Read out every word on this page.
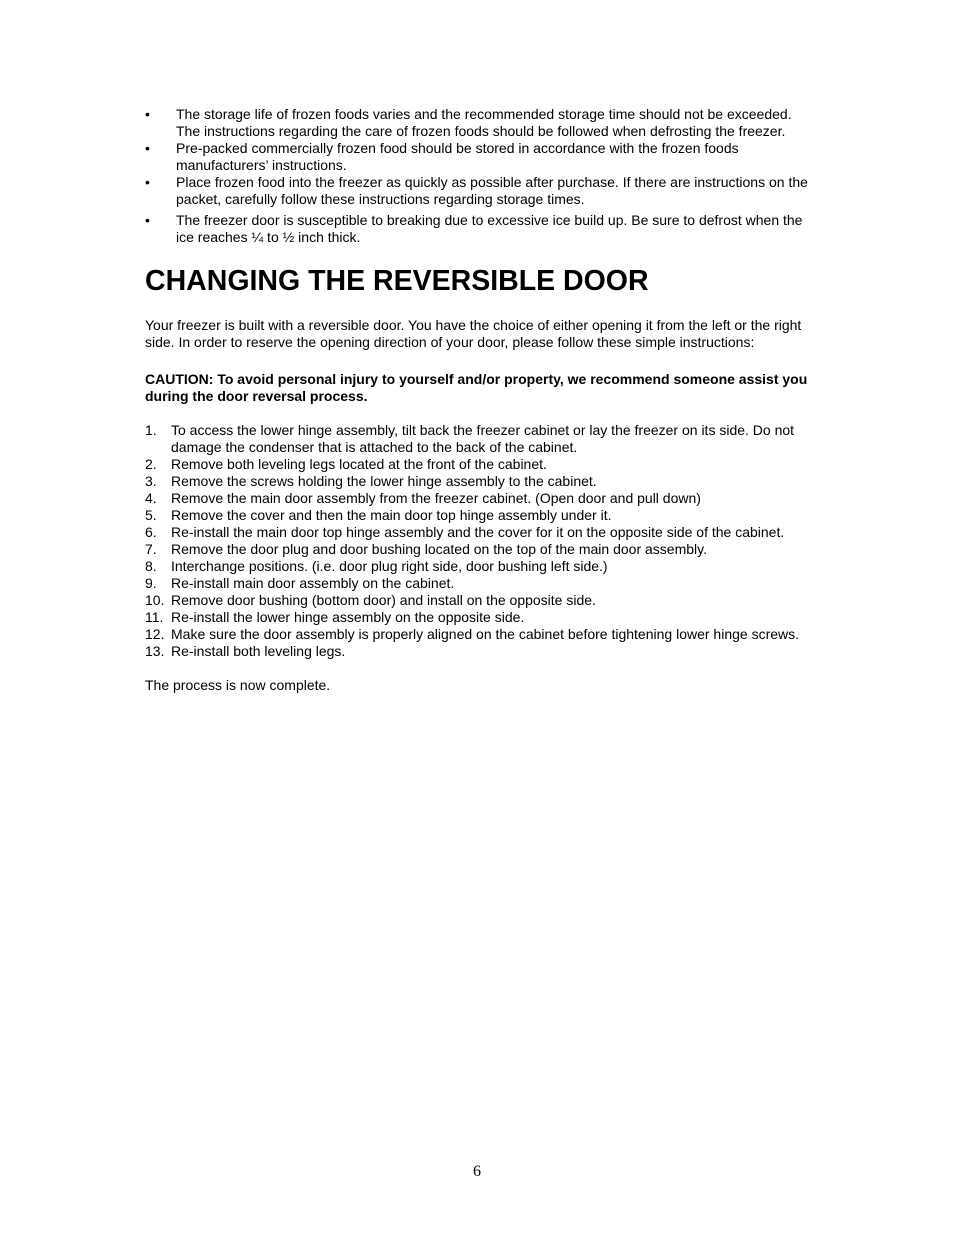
•	The storage life of frozen foods varies and the recommended storage time should not be exceeded. The instructions regarding the care of frozen foods should be followed when defrosting the freezer.
•	Pre-packed commercially frozen food should be stored in accordance with the frozen foods manufacturers’ instructions.
•	Place frozen food into the freezer as quickly as possible after purchase. If there are instructions on the packet, carefully follow these instructions regarding storage times.
•	The freezer door is susceptible to breaking due to excessive ice build up. Be sure to defrost when the ice reaches ¼ to ½ inch thick.
CHANGING THE REVERSIBLE DOOR

Your freezer is built with a reversible door. You have the choice of either opening it from the left or the right side. In order to reserve the opening direction of your door, please follow these simple instructions:

CAUTION: To avoid personal injury to yourself and/or property, we recommend someone assist you during the door reversal process.

1. To access the lower hinge assembly, tilt back the freezer cabinet or lay the freezer on its side. Do not damage the condenser that is attached to the back of the cabinet.
2. Remove both leveling legs located at the front of the cabinet.
3. Remove the screws holding the lower hinge assembly to the cabinet.
4. Remove the main door assembly from the freezer cabinet. (Open door and pull down)
5. Remove the cover and then the main door top hinge assembly under it.
6. Re-install the main door top hinge assembly and the cover for it on the opposite side of the cabinet.
7. Remove the door plug and door bushing located on the top of the main door assembly.
8. Interchange positions. (i.e. door plug right side, door bushing left side.)
9. Re-install main door assembly on the cabinet.
10. Remove door bushing (bottom door) and install on the opposite side.
11. Re-install the lower hinge assembly on the opposite side.
12. Make sure the door assembly is properly aligned on the cabinet before tightening lower hinge screws.
13. Re-install both leveling legs.

The process is now complete.

6
